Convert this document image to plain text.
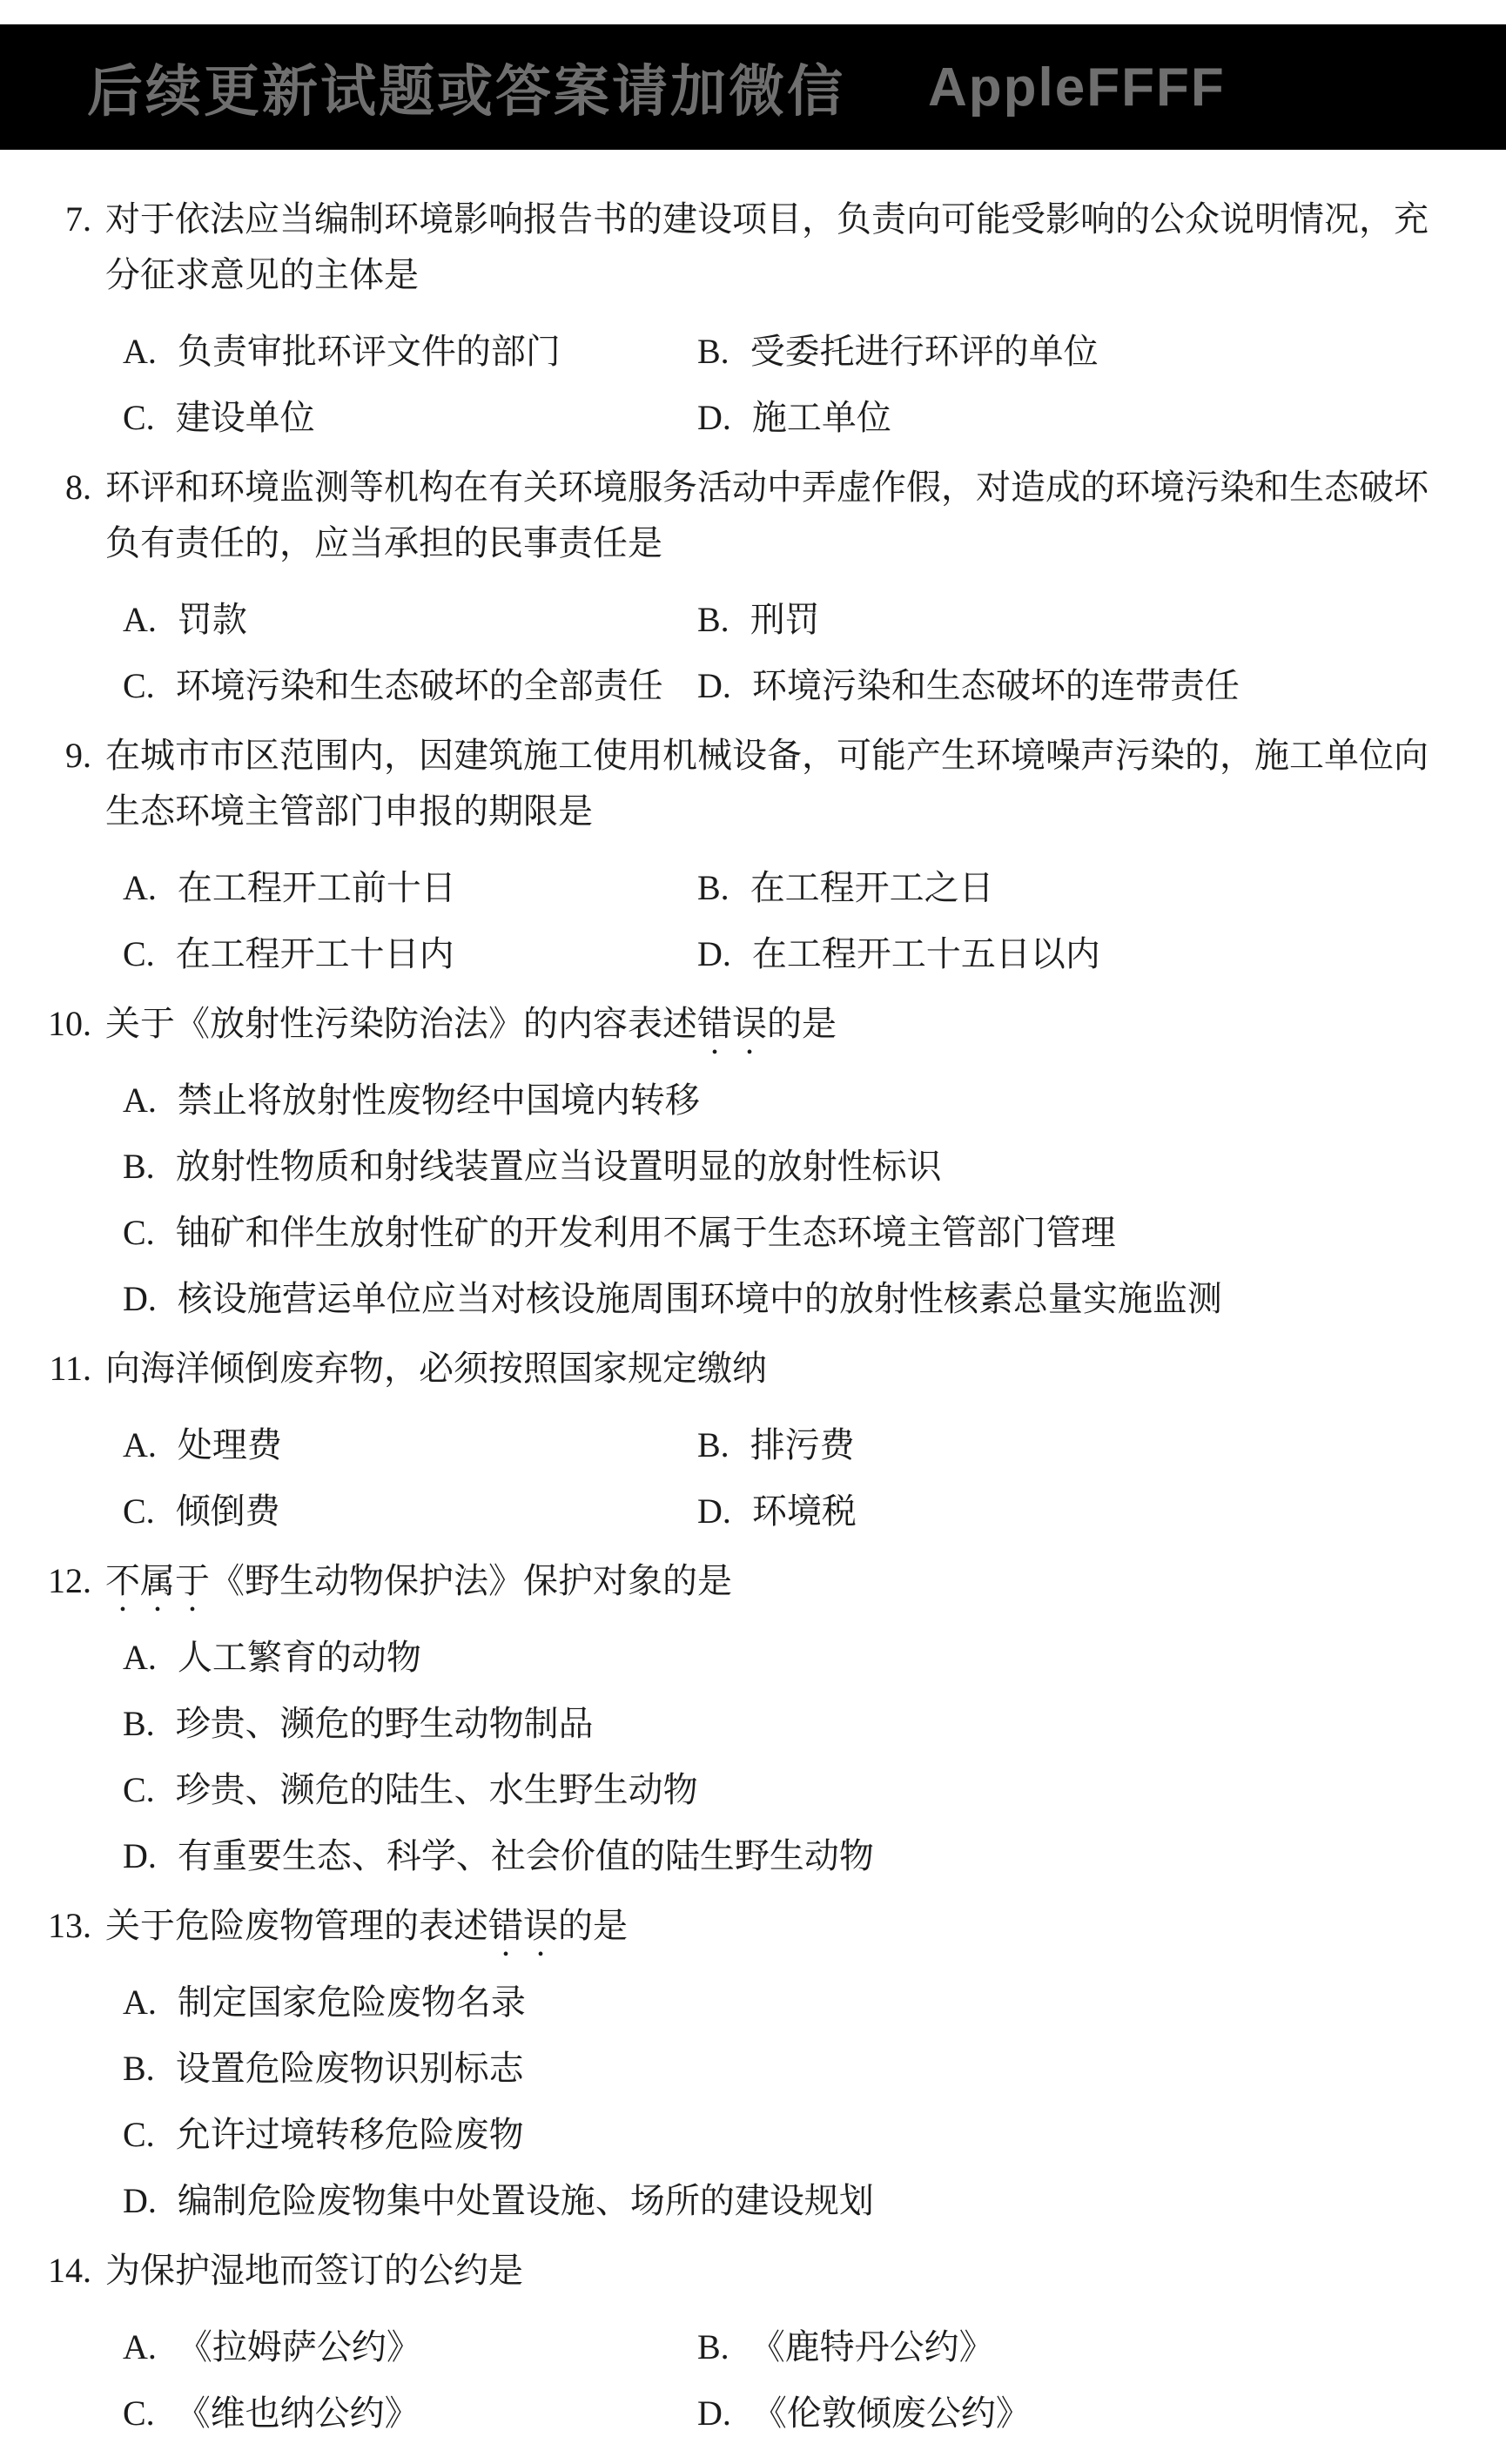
后续更新试题或答案请加微信 AppleFFFF
7. 对于依法应当编制环境影响报告书的建设项目，负责向可能受影响的公众说明情况，充分征求意见的主体是

A. 负责审批环评文件的部门	B. 受委托进行环评的单位
C. 建设单位	D. 施工单位
8. 环评和环境监测等机构在有关环境服务活动中弄虚作假，对造成的环境污染和生态破坏负有责任的，应当承担的民事责任是

A. 罚款	B. 刑罚
C. 环境污染和生态破坏的全部责任 D. 环境污染和生态破坏的连带责任
9. 在城市市区范围内，因建筑施工使用机械设备，可能产生环境噪声污染的，施工单位向生态环境主管部门申报的期限是

A. 在工程开工前十日	B. 在工程开工之日
C. 在工程开工十日内	D. 在工程开工十五日以内
10. 关于《放射性污染防治法》的内容表述错误的是

A. 禁止将放射性废物经中国境内转移
B. 放射性物质和射线装置应当设置明显的放射性标识
C. 铀矿和伴生放射性矿的开发利用不属于生态环境主管部门管理
D. 核设施营运单位应当对核设施周围环境中的放射性核素总量实施监测
11. 向海洋倾倒废弃物，必须按照国家规定缴纳

A. 处理费	B. 排污费
C. 倾倒费	D. 环境税
12. 不属于《野生动物保护法》保护对象的是

A. 人工繁育的动物
B. 珍贵、濒危的野生动物制品
C. 珍贵、濒危的陆生、水生野生动物
D. 有重要生态、科学、社会价值的陆生野生动物
13. 关于危险废物管理的表述错误的是

A. 制定国家危险废物名录
B. 设置危险废物识别标志
C. 允许过境转移危险废物
D. 编制危险废物集中处置设施、场所的建设规划
14. 为保护湿地而签订的公约是

A. 《拉姆萨公约》	B. 《鹿特丹公约》
C. 《维也纳公约》	D. 《伦敦倾废公约》
